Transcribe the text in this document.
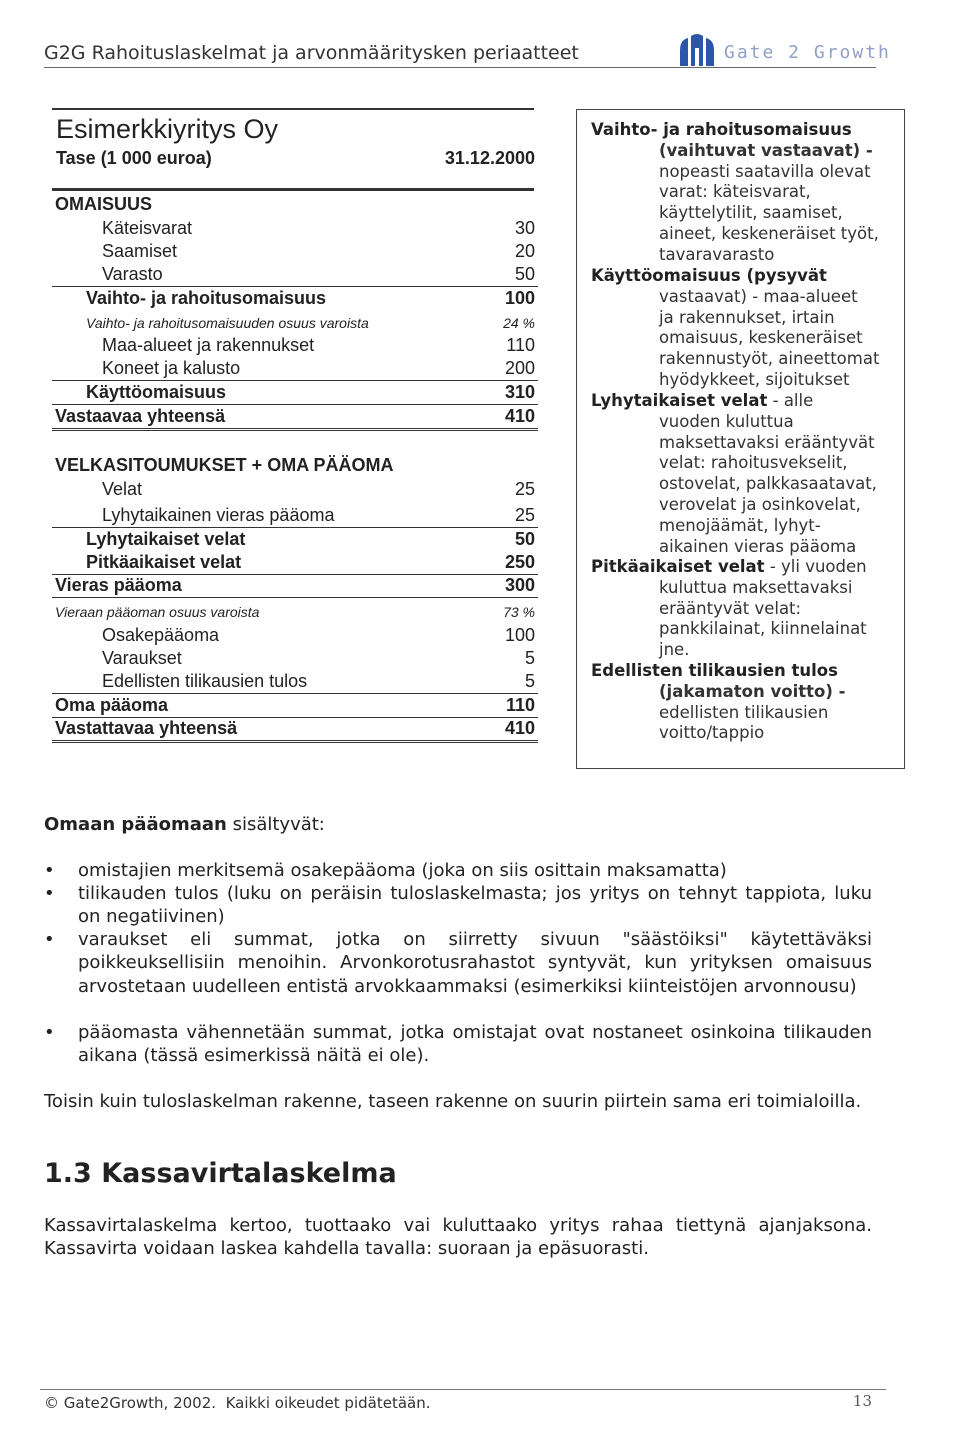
G2G Rahoituslaskelmat ja arvonmääritysken periaatteet	Gate 2 Growth
Esimerkkiyritys Oy
Tase (1 000 euroa)	31.12.2000
OMAISUUS
Käteisvarat	30
Saamiset	20
Varasto	50
Vaihto- ja rahoitusomaisuus	100
Vaihto- ja rahoitusomaisuuden osuus varoista	24 %
Maa-alueet ja rakennukset	110
Koneet ja kalusto	200
Käyttöomaisuus	310
Vastaavaa yhteensä	410
VELKASITOUMUKSET + OMA PÄÄOMA
Velat	25
Lyhytaikainen vieras pääoma	25
Lyhytaikaiset velat	50
Pitkäaikaiset velat	250
Vieras pääoma	300
Vieraan pääoman osuus varoista	73 %
Osakepääoma	100
Varaukset	5
Edellisten tilikausien tulos	5
Oma pääoma	110
Vastattavaa yhteensä	410
Vaihto- ja rahoitusomaisuus
(vaihtuvat vastaavat) -
nopeasti saatavilla olevat
varat: käteisvarat,
käyttelytilit, saamiset,
aineet, keskeneräiset työt,
tavaravarasto
Käyttöomaisuus (pysyvät
vastaavat) - maa-alueet
ja rakennukset, irtain
omaisuus, keskeneräiset
rakennustyöt, aineettomat
hyödykkeet, sijoitukset
Lyhytaikaiset velat - alle
vuoden kuluttua
maksettavaksi erääntyvät
velat: rahoitusvekselit,
ostovelat, palkkasaatavat,
verovelat ja osinkovelat,
menojäämät, lyhyt-
aikainen vieras pääoma
Pitkäaikaiset velat - yli vuoden
kuluttua maksettavaksi
erääntyvät velat:
pankkilainat, kiinnelainat
jne.
Edellisten tilikausien tulos
(jakamaton voitto) -
edellisten tilikausien
voitto/tappio
Omaan pääomaan sisältyvät:
• omistajien merkitsemä osakepääoma (joka on siis osittain maksamatta)
• tilikauden tulos (luku on peräisin tuloslaskelmasta; jos yritys on tehnyt tappiota, luku on negatiivinen)
• varaukset eli summat, jotka on siirretty sivuun "säästöiksi" käytettäväksi poikkeuksellisiin menoihin. Arvonkorotusrahastot syntyvät, kun yrityksen omaisuus arvostetaan uudelleen entistä arvokkaammaksi (esimerkiksi kiinteistöjen arvonnousu)
• pääomasta vähennetään summat, jotka omistajat ovat nostaneet osinkoina tilikauden aikana (tässä esimerkissä näitä ei ole).
Toisin kuin tuloslaskelman rakenne, taseen rakenne on suurin piirtein sama eri toimialoilla.
1.3 Kassavirtalaskelma
Kassavirtalaskelma kertoo, tuottaako vai kuluttaako yritys rahaa tiettynä ajanjaksona. Kassavirta voidaan laskea kahdella tavalla: suoraan ja epäsuorasti.
© Gate2Growth, 2002. Kaikki oikeudet pidätetään.	13
